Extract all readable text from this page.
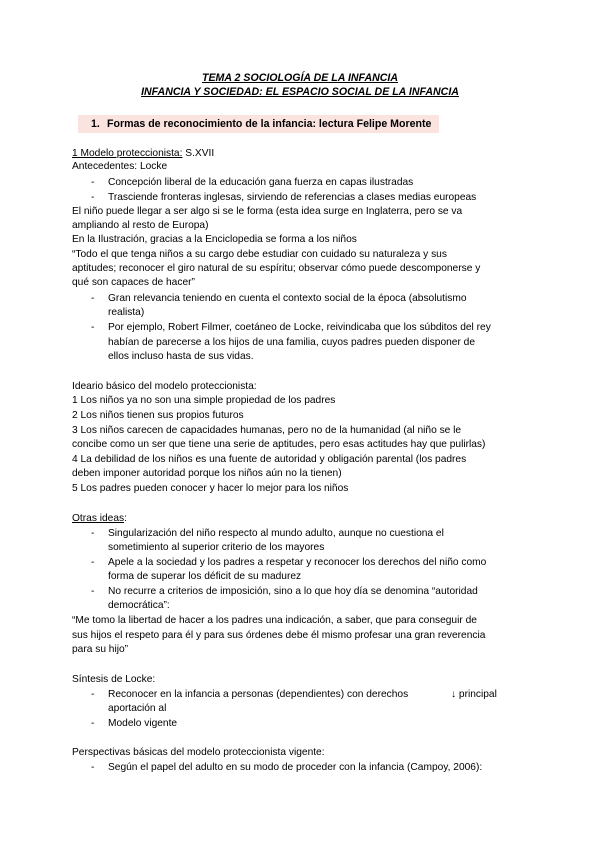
TEMA 2 SOCIOLOGÍA DE LA INFANCIA
INFANCIA Y SOCIEDAD: EL ESPACIO SOCIAL DE LA INFANCIA
1. Formas de reconocimiento de la infancia: lectura Felipe Morente
1 Modelo proteccionista: S.XVII
Antecedentes: Locke
- Concepción liberal de la educación gana fuerza en capas ilustradas
- Trasciende fronteras inglesas, sirviendo de referencias a clases medias europeas
El niño puede llegar a ser algo si se le forma (esta idea surge en Inglaterra, pero se va
ampliando al resto de Europa)
En la Ilustración, gracias a la Enciclopedia se forma a los niños
“Todo el que tenga niños a su cargo debe estudiar con cuidado su naturaleza y sus
aptitudes; reconocer el giro natural de su espíritu; observar cómo puede descomponerse y
qué son capaces de hacer”
- Gran relevancia teniendo en cuenta el contexto social de la época (absolutismo
realista)
- Por ejemplo, Robert Filmer, coetáneo de Locke, reivindicaba que los súbditos del rey
habían de parecerse a los hijos de una familia, cuyos padres pueden disponer de
ellos incluso hasta de sus vidas.
Ideario básico del modelo proteccionista:
1 Los niños ya no son una simple propiedad de los padres
2 Los niños tienen sus propios futuros
3 Los niños carecen de capacidades humanas, pero no de la humanidad (al niño se le
concibe como un ser que tiene una serie de aptitudes, pero esas actitudes hay que pulirlas)
4 La debilidad de los niños es una fuente de autoridad y obligación parental (los padres
deben imponer autoridad porque los niños aún no la tienen)
5 Los padres pueden conocer y hacer lo mejor para los niños
Otras ideas:
- Singularización del niño respecto al mundo adulto, aunque no cuestiona el
sometimiento al superior criterio de los mayores
- Apele a la sociedad y los padres a respetar y reconocer los derechos del niño como
forma de superar los déficit de su madurez
- No recurre a criterios de imposición, sino a lo que hoy día se denomina “autoridad
democrática”:
“Me tomo la libertad de hacer a los padres una indicación, a saber, que para conseguir de
sus hijos el respeto para él y para sus órdenes debe él mismo profesar una gran reverencia
para su hijo”
Síntesis de Locke:
- Reconocer en la infancia a personas (dependientes) con derechos	↓ principal
aportación al
- Modelo vigente
Perspectivas básicas del modelo proteccionista vigente:
- Según el papel del adulto en su modo de proceder con la infancia (Campoy, 2006):
